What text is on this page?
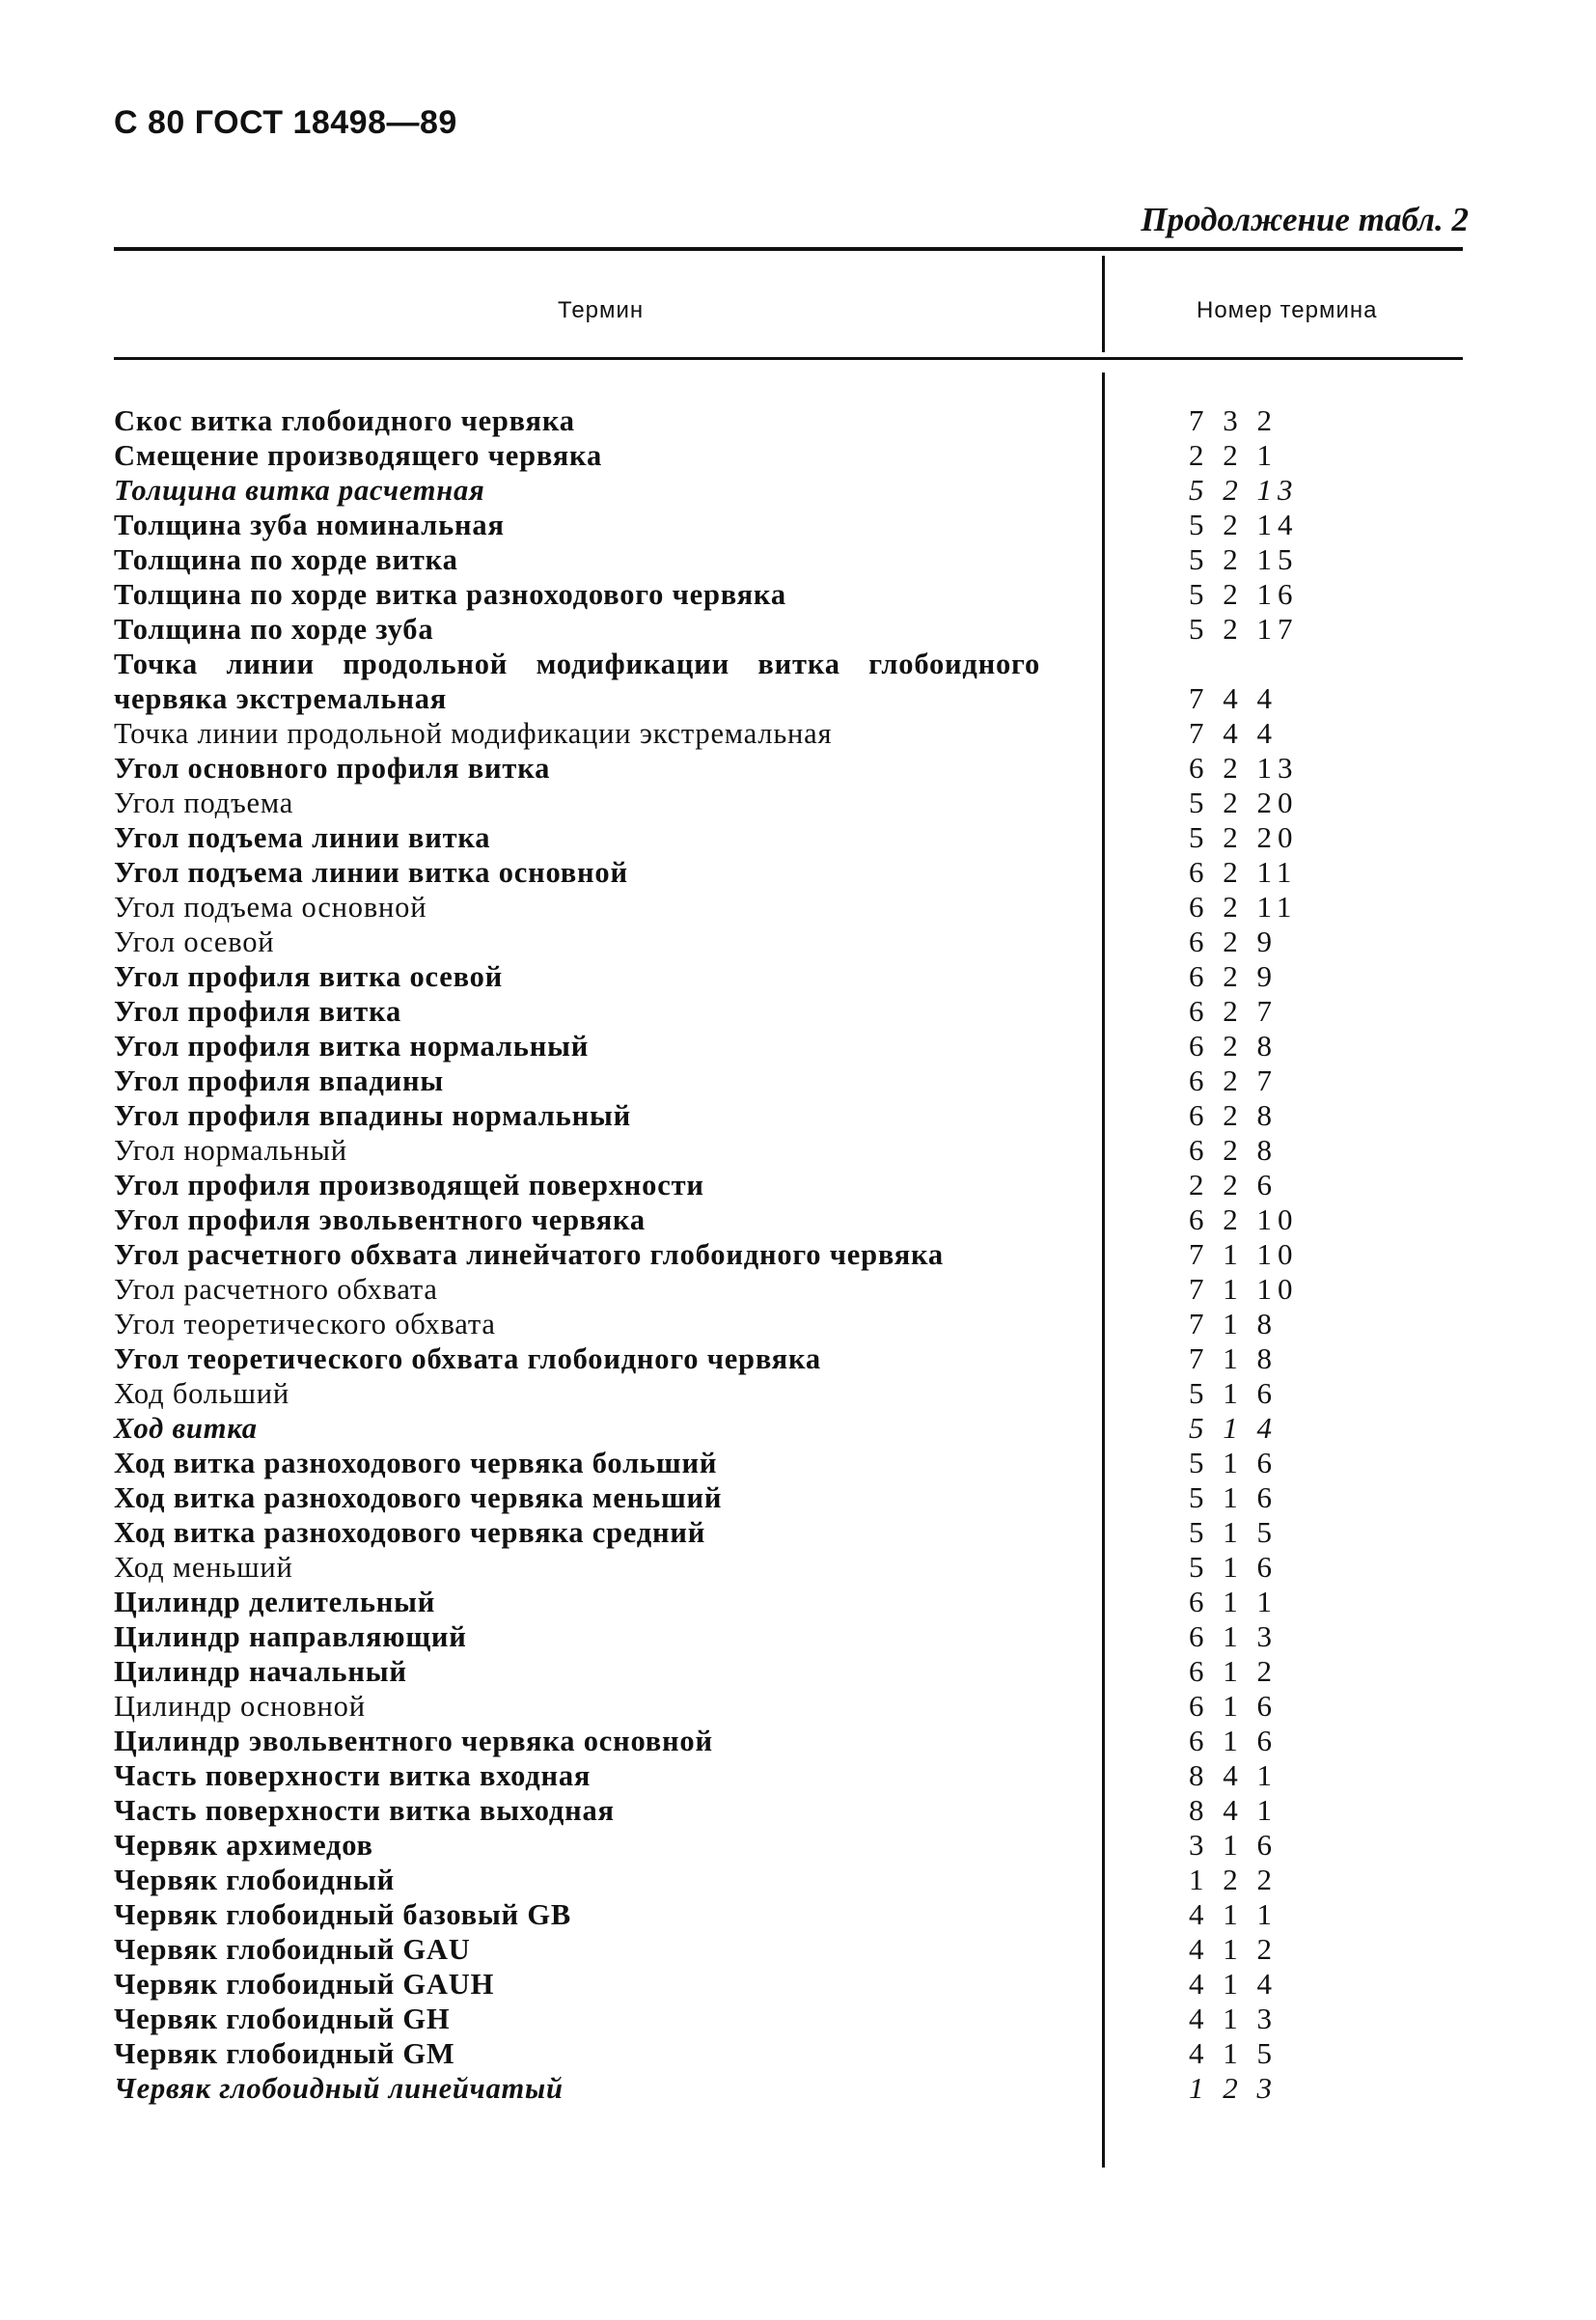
С 80 ГОСТ 18498—89
Продолжение табл. 2
Термин	Номер термина
Скос витка глобоидного червяка	7 3 2
Смещение производящего червяка	2 2 1
Толщина витка расчетная	5 2 13
Толщина зуба номинальная	5 2 14
Толщина по хорде витка	5 2 15
Толщина по хорде витка разноходового червяка	5 2 16
Толщина по хорде зуба	5 2 17
Точка линии продольной модификации витка глобоидного червяка экстремальная	7 4 4
Точка линии продольной модификации экстремальная	7 4 4
Угол основного профиля витка	6 2 13
Угол подъема	5 2 20
Угол подъема линии витка	5 2 20
Угол подъема линии витка основной	6 2 11
Угол подъема основной	6 2 11
Угол осевой	6 2 9
Угол профиля витка осевой	6 2 9
Угол профиля витка	6 2 7
Угол профиля витка нормальный	6 2 8
Угол профиля впадины	6 2 7
Угол профиля впадины нормальный	6 2 8
Угол нормальный	6 2 8
Угол профиля производящей поверхности	2 2 6
Угол профиля эвольвентного червяка	6 2 10
Угол расчетного обхвата линейчатого глобоидного червяка	7 1 10
Угол расчетного обхвата	7 1 10
Угол теоретического обхвата	7 1 8
Угол теоретического обхвата глобоидного червяка	7 1 8
Ход больший	5 1 6
Ход витка	5 1 4
Ход витка разноходового червяка больший	5 1 6
Ход витка разноходового червяка меньший	5 1 6
Ход витка разноходового червяка средний	5 1 5
Ход меньший	5 1 6
Цилиндр делительный	6 1 1
Цилиндр направляющий	6 1 3
Цилиндр начальный	6 1 2
Цилиндр основной	6 1 6
Цилиндр эвольвентного червяка основной	6 1 6
Часть поверхности витка входная	8 4 1
Часть поверхности витка выходная	8 4 1
Червяк архимедов	3 1 6
Червяк глобоидный	1 2 2
Червяк глобоидный базовый GB	4 1 1
Червяк глобоидный GAU	4 1 2
Червяк глобоидный GAUH	4 1 4
Червяк глобоидный GH	4 1 3
Червяк глобоидный GM	4 1 5
Червяк глобоидный линейчатый	1 2 3
